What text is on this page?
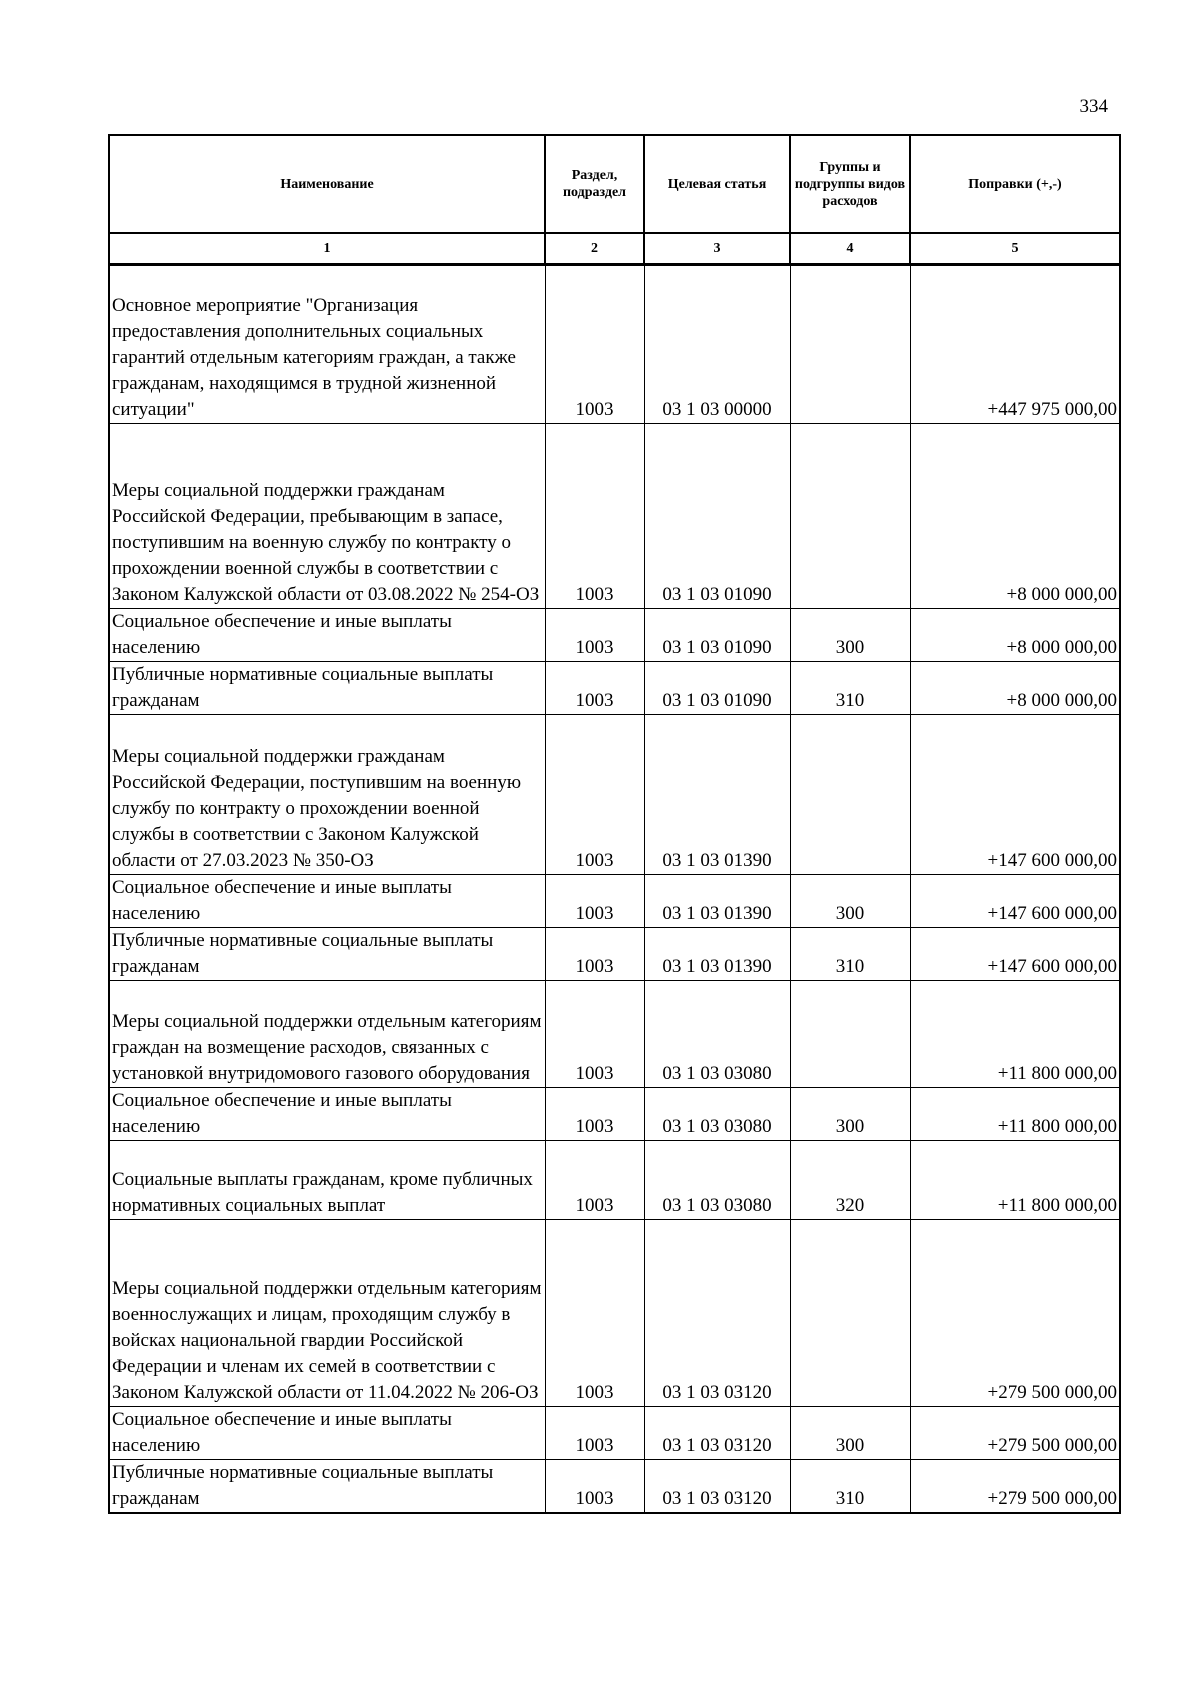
334
Наименование	Раздел, подраздел	Целевая статья	Группы и подгруппы видов расходов	Поправки (+,-)
1	2	3	4	5
Основное мероприятие "Организация предоставления дополнительных социальных гарантий отдельным категориям граждан, а также гражданам, находящимся в трудной жизненной ситуации"	1003	03 1 03 00000		+447 975 000,00
Меры социальной поддержки гражданам Российской Федерации, пребывающим в запасе, поступившим на военную службу по контракту о прохождении военной службы в соответствии с Законом Калужской области от 03.08.2022 № 254-ОЗ	1003	03 1 03 01090		+8 000 000,00
Социальное обеспечение и иные выплаты населению	1003	03 1 03 01090	300	+8 000 000,00
Публичные нормативные социальные выплаты гражданам	1003	03 1 03 01090	310	+8 000 000,00
Меры социальной поддержки гражданам Российской Федерации, поступившим на военную службу по контракту о прохождении военной службы в соответствии с Законом Калужской области от 27.03.2023 № 350-ОЗ	1003	03 1 03 01390		+147 600 000,00
Социальное обеспечение и иные выплаты населению	1003	03 1 03 01390	300	+147 600 000,00
Публичные нормативные социальные выплаты гражданам	1003	03 1 03 01390	310	+147 600 000,00
Меры социальной поддержки отдельным категориям граждан на возмещение расходов, связанных с установкой внутридомового газового оборудования	1003	03 1 03 03080		+11 800 000,00
Социальное обеспечение и иные выплаты населению	1003	03 1 03 03080	300	+11 800 000,00
Социальные выплаты гражданам, кроме публичных нормативных социальных выплат	1003	03 1 03 03080	320	+11 800 000,00
Меры социальной поддержки отдельным категориям военнослужащих и лицам, проходящим службу в войсках национальной гвардии Российской Федерации и членам их семей в соответствии с Законом Калужской области от 11.04.2022 № 206-ОЗ	1003	03 1 03 03120		+279 500 000,00
Социальное обеспечение и иные выплаты населению	1003	03 1 03 03120	300	+279 500 000,00
Публичные нормативные социальные выплаты гражданам	1003	03 1 03 03120	310	+279 500 000,00
